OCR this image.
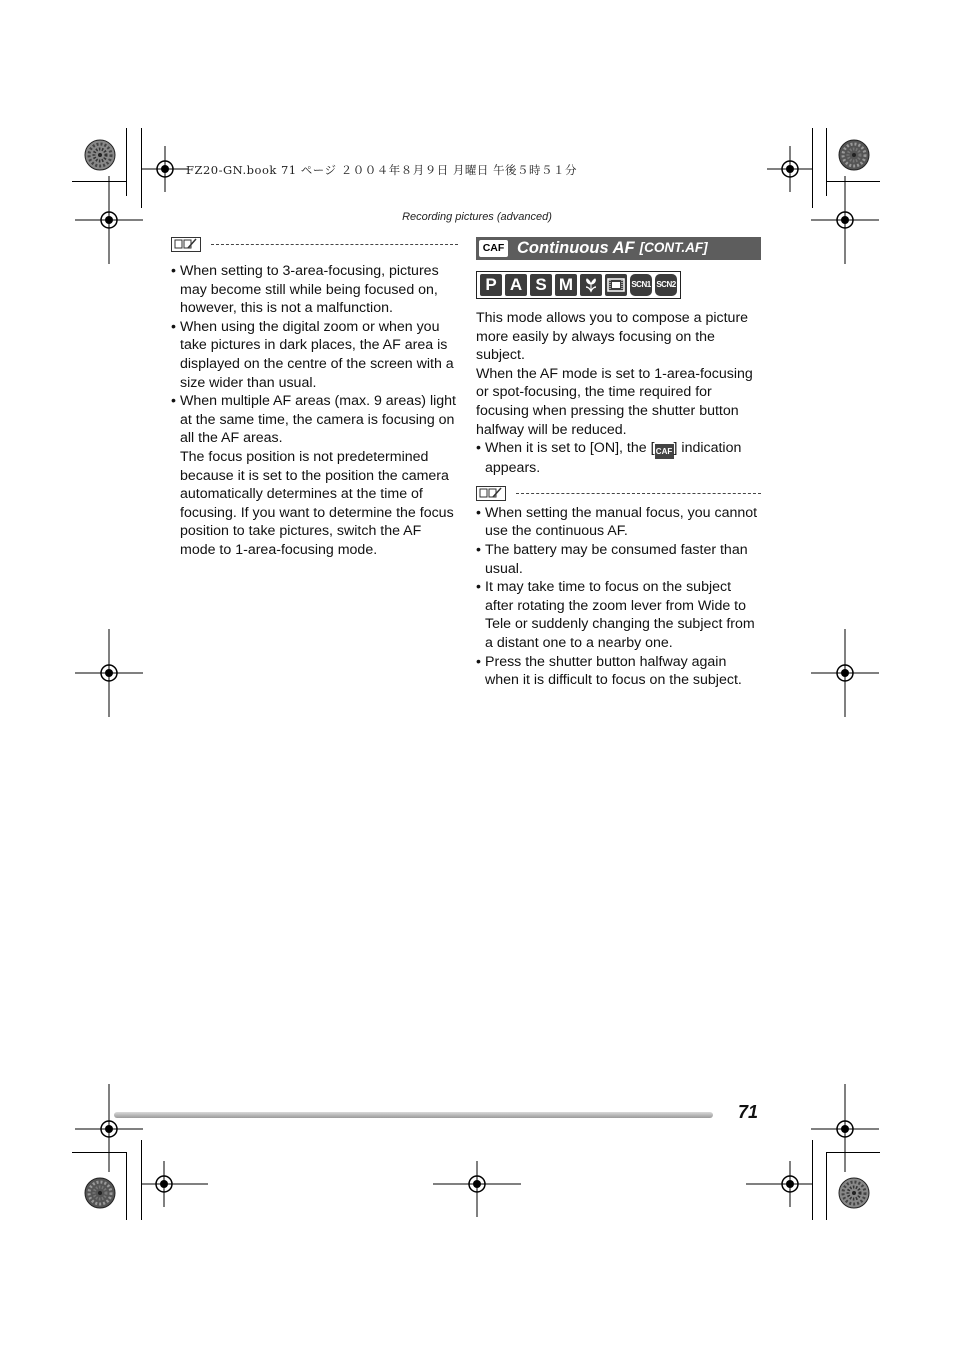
FZ20-GN.book 71 ページ ２００４年８月９日 月曜日 午後５時５１分
Recording pictures (advanced)
• When setting to 3-area-focusing, pictures may become still while being focused on, however, this is not a malfunction.
• When using the digital zoom or when you take pictures in dark places, the AF area is displayed on the centre of the screen with a size wider than usual.
• When multiple AF areas (max. 9 areas) light at the same time, the camera is focusing on all the AF areas.
The focus position is not predetermined because it is set to the position the camera automatically determines at the time of focusing. If you want to determine the focus position to take pictures, switch the AF mode to 1-area-focusing mode.
CAF Continuous AF [CONT.AF]
P A S M	SCN1 SCN2

This mode allows you to compose a picture more easily by always focusing on the subject.

When the AF mode is set to 1-area-focusing or spot-focusing, the time required for focusing when pressing the shutter button halfway will be reduced.

• When it is set to [ON], the [CAF] indication appears.
• When setting the manual focus, you cannot use the continuous AF.
• The battery may be consumed faster than usual.
• It may take time to focus on the subject after rotating the zoom lever from Wide to Tele or suddenly changing the subject from a distant one to a nearby one.
• Press the shutter button halfway again when it is difficult to focus on the subject.
71
